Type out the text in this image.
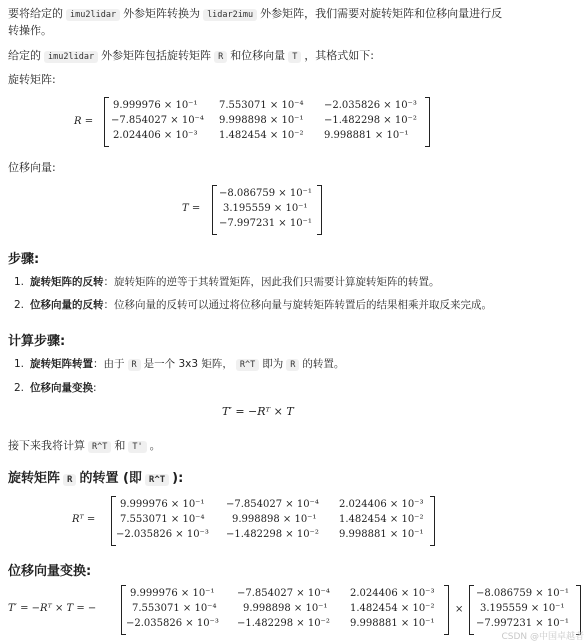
要将给定的 imu2lidar 外参矩阵转换为 lidar2imu 外参矩阵，我们需要对旋转矩阵和位移向量进行反
转操作。
给定的 imu2lidar 外参矩阵包括旋转矩阵 R 和位移向量 T ，其格式如下:
旋转矩阵:
R =
9.999976 × 10⁻¹ 7.553071 × 10⁻⁴ −2.035826 × 10⁻³
−7.854027 × 10⁻⁴ 9.998898 × 10⁻¹ −1.482298 × 10⁻²
2.024406 × 10⁻³ 1.482454 × 10⁻² 9.998881 × 10⁻¹
位移向量:
T =
−8.086759 × 10⁻¹
3.195559 × 10⁻¹
−7.997231 × 10⁻¹
步骤:
1. 旋转矩阵的反转：旋转矩阵的逆等于其转置矩阵，因此我们只需要计算旋转矩阵的转置。
2. 位移向量的反转：位移向量的反转可以通过将位移向量与旋转矩阵转置后的结果相乘并取反来完成。
计算步骤:
1. 旋转矩阵转置：由于 R 是一个 3x3 矩阵， R^T 即为 R 的转置。
2. 位移向量变换:
T′ = −Rᵀ × T
接下来我将计算 R^T 和 T' 。
旋转矩阵 R 的转置 (即 R^T ):
Rᵀ =
9.999976 × 10⁻¹ −7.854027 × 10⁻⁴ 2.024406 × 10⁻³
7.553071 × 10⁻⁴	9.998898 × 10⁻¹ 1.482454 × 10⁻²
−2.035826 × 10⁻³ −1.482298 × 10⁻² 9.998881 × 10⁻¹
位移向量变换:
T′ = −Rᵀ × T = −
9.999976 × 10⁻¹ −7.854027 × 10⁻⁴ 2.024406 × 10⁻³
7.553071 × 10⁻⁴	9.998898 × 10⁻¹ 1.482454 × 10⁻²
−2.035826 × 10⁻³ −1.482298 × 10⁻² 9.998881 × 10⁻¹
×
−8.086759 × 10⁻¹
3.195559 × 10⁻¹
−7.997231 × 10⁻¹
CSDN @中国卓越者
